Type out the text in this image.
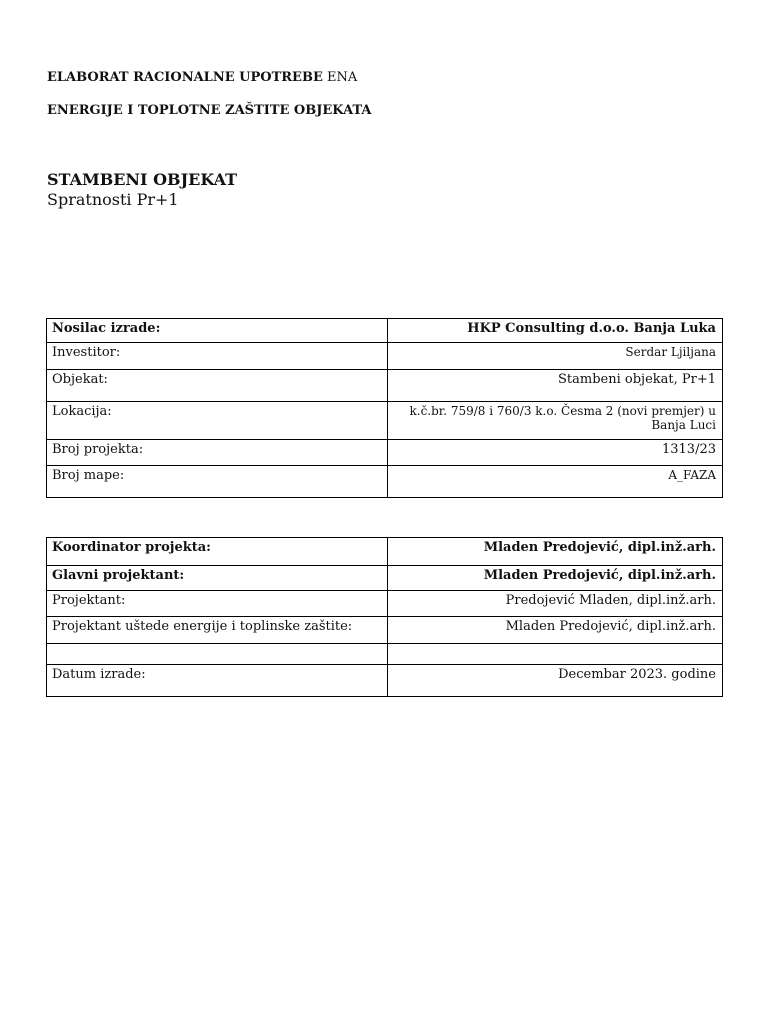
ELABORAT RACIONALNE UPOTREBE ENA
ENERGIJE I TOPLOTNE ZAŠTITE OBJEKATA
STAMBENI OBJEKAT
Spratnosti Pr+1
Nosilac izrade:	HKP Consulting d.o.o. Banja Luka
Investitor:	Serdar Ljiljana
Objekat:	Stambeni objekat, Pr+1
Lokacija:	k.č.br. 759/8 i 760/3 k.o. Česma 2 (novi premjer) u Banja Luci
Broj projekta:	1313/23
Broj mape:	A_FAZA
Koordinator projekta:	Mladen Predojević, dipl.inž.arh.
Glavni projektant:	Mladen Predojević, dipl.inž.arh.
Projektant:	Predojević Mladen, dipl.inž.arh.
Projektant uštede energije i toplinske zaštite:	Mladen Predojević, dipl.inž.arh.

Datum izrade:	Decembar 2023. godine
